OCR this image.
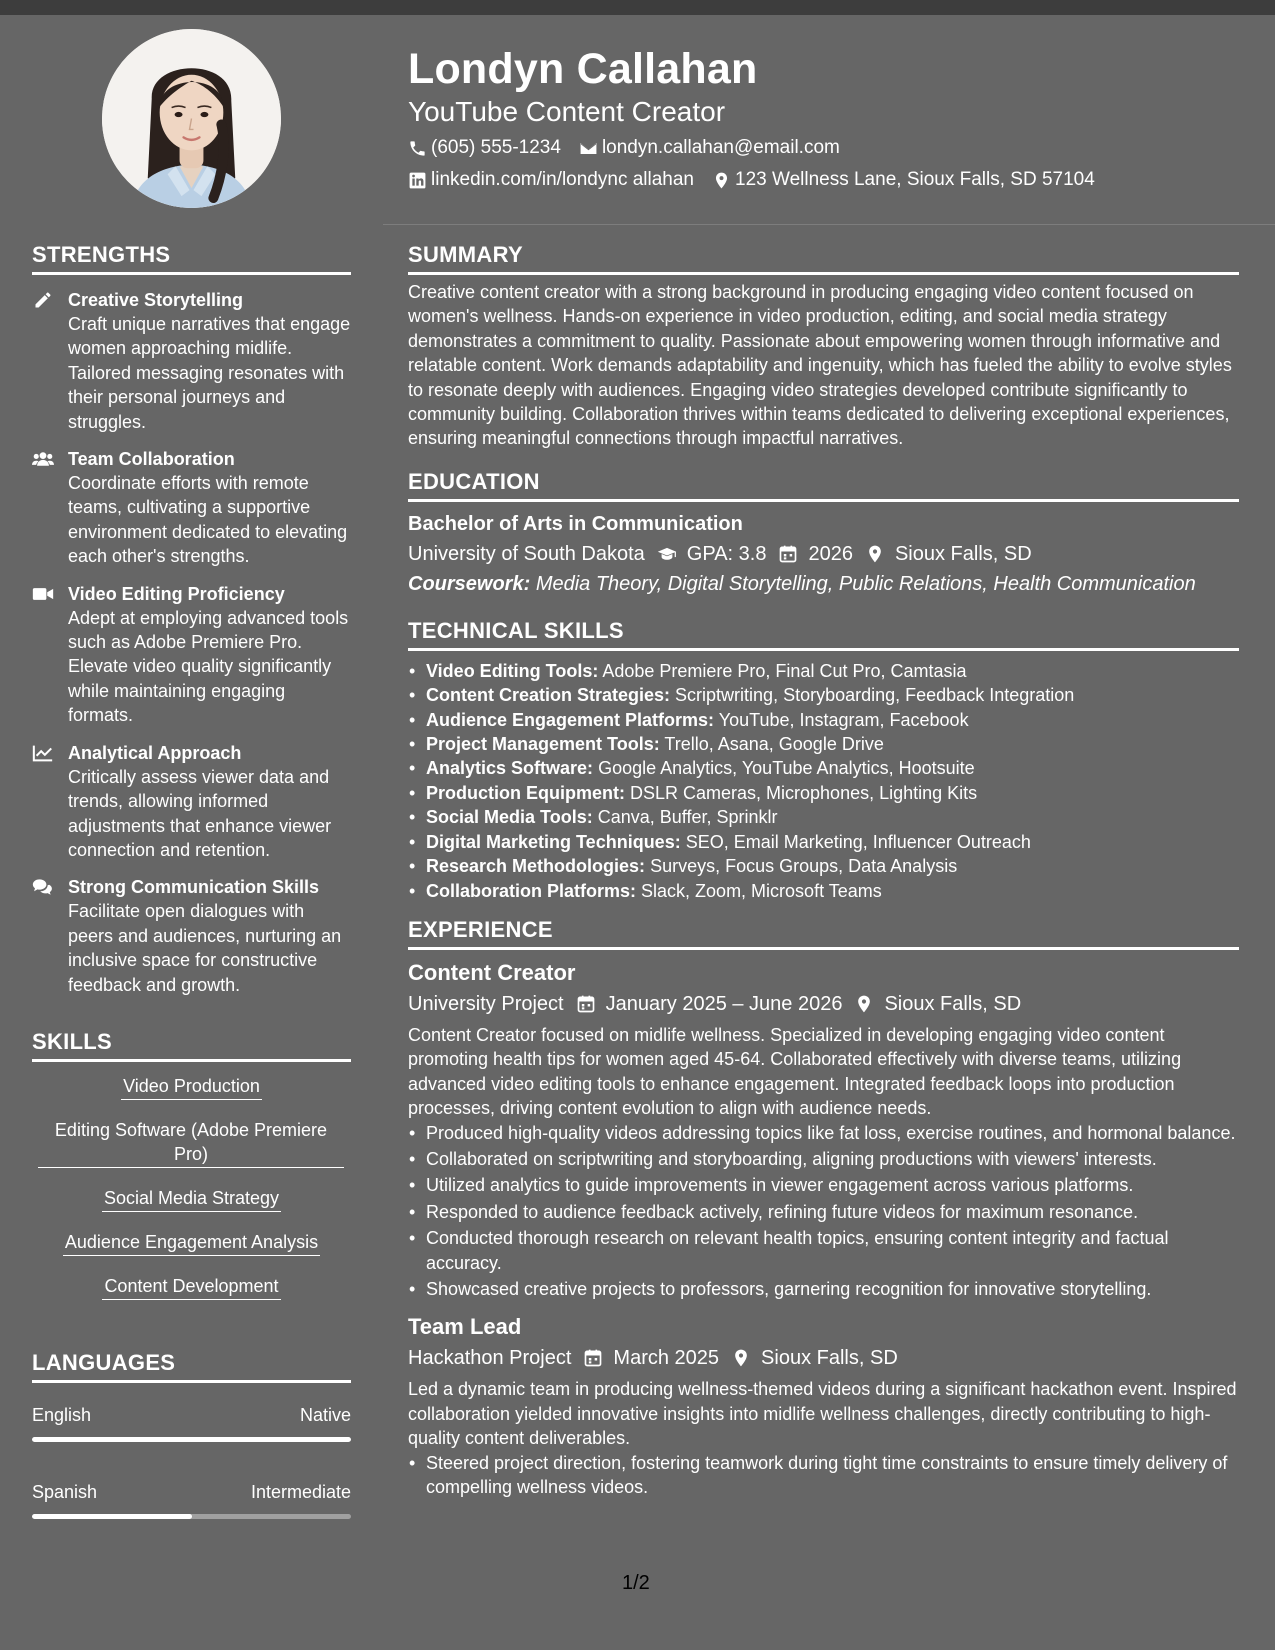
Londyn Callahan
YouTube Content Creator
(605) 555-1234 londyn.callahan@email.com
linkedin.com/in/londync allahan 123 Wellness Lane, Sioux Falls, SD 57104
STRENGTHS
Creative Storytelling
Craft unique narratives that engage women approaching midlife. Tailored messaging resonates with their personal journeys and struggles.
Team Collaboration
Coordinate efforts with remote teams, cultivating a supportive environment dedicated to elevating each other's strengths.
Video Editing Proficiency
Adept at employing advanced tools such as Adobe Premiere Pro. Elevate video quality significantly while maintaining engaging formats.
Analytical Approach
Critically assess viewer data and trends, allowing informed adjustments that enhance viewer connection and retention.
Strong Communication Skills
Facilitate open dialogues with peers and audiences, nurturing an inclusive space for constructive feedback and growth.
SKILLS
Video Production
Editing Software (Adobe Premiere Pro)
Social Media Strategy
Audience Engagement Analysis
Content Development
LANGUAGES
English	Native
Spanish	Intermediate
SUMMARY
Creative content creator with a strong background in producing engaging video content focused on women's wellness. Hands-on experience in video production, editing, and social media strategy demonstrates a commitment to quality. Passionate about empowering women through informative and relatable content. Work demands adaptability and ingenuity, which has fueled the ability to evolve styles to resonate deeply with audiences. Engaging video strategies developed contribute significantly to community building. Collaboration thrives within teams dedicated to delivering exceptional experiences, ensuring meaningful connections through impactful narratives.
EDUCATION
Bachelor of Arts in Communication
University of South Dakota GPA: 3.8 2026 Sioux Falls, SD
Coursework: Media Theory, Digital Storytelling, Public Relations, Health Communication
TECHNICAL SKILLS
• Video Editing Tools: Adobe Premiere Pro, Final Cut Pro, Camtasia
• Content Creation Strategies: Scriptwriting, Storyboarding, Feedback Integration
• Audience Engagement Platforms: YouTube, Instagram, Facebook
• Project Management Tools: Trello, Asana, Google Drive
• Analytics Software: Google Analytics, YouTube Analytics, Hootsuite
• Production Equipment: DSLR Cameras, Microphones, Lighting Kits
• Social Media Tools: Canva, Buffer, Sprinklr
• Digital Marketing Techniques: SEO, Email Marketing, Influencer Outreach
• Research Methodologies: Surveys, Focus Groups, Data Analysis
• Collaboration Platforms: Slack, Zoom, Microsoft Teams
EXPERIENCE
Content Creator
University Project January 2025 – June 2026 Sioux Falls, SD
Content Creator focused on midlife wellness. Specialized in developing engaging video content promoting health tips for women aged 45-64. Collaborated effectively with diverse teams, utilizing advanced video editing tools to enhance engagement. Integrated feedback loops into production processes, driving content evolution to align with audience needs.
• Produced high-quality videos addressing topics like fat loss, exercise routines, and hormonal balance.
• Collaborated on scriptwriting and storyboarding, aligning productions with viewers' interests.
• Utilized analytics to guide improvements in viewer engagement across various platforms.
• Responded to audience feedback actively, refining future videos for maximum resonance.
• Conducted thorough research on relevant health topics, ensuring content integrity and factual accuracy.
• Showcased creative projects to professors, garnering recognition for innovative storytelling.
Team Lead
Hackathon Project March 2025 Sioux Falls, SD
Led a dynamic team in producing wellness-themed videos during a significant hackathon event. Inspired collaboration yielded innovative insights into midlife wellness challenges, directly contributing to high-quality content deliverables.
• Steered project direction, fostering teamwork during tight time constraints to ensure timely delivery of compelling wellness videos.
1/2
